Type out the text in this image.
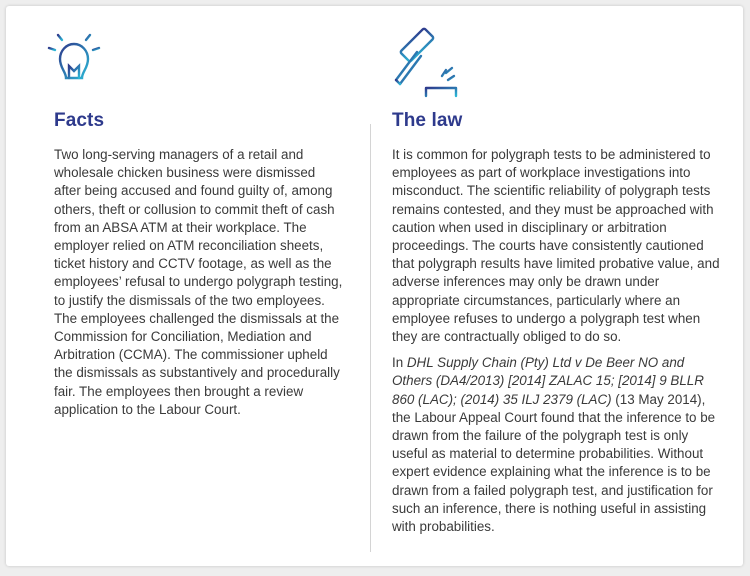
Facts

Two long-serving managers of a retail and wholesale chicken business were dismissed after being accused and found guilty of, among others, theft or collusion to commit theft of cash from an ABSA ATM at their workplace. The employer relied on ATM reconciliation sheets, ticket history and CCTV footage, as well as the employees’ refusal to undergo polygraph testing, to justify the dismissals of the two employees. The employees challenged the dismissals at the Commission for Conciliation, Mediation and Arbitration (CCMA). The commissioner upheld the dismissals as substantively and procedurally fair. The employees then brought a review application to the Labour Court.

The law

It is common for polygraph tests to be administered to employees as part of workplace investigations into misconduct. The scientific reliability of polygraph tests remains contested, and they must be approached with caution when used in disciplinary or arbitration proceedings. The courts have consistently cautioned that polygraph results have limited probative value, and adverse inferences may only be drawn under appropriate circumstances, particularly where an employee refuses to undergo a polygraph test when they are contractually obliged to do so.

In DHL Supply Chain (Pty) Ltd v De Beer NO and Others (DA4/2013) [2014] ZALAC 15; [2014] 9 BLLR 860 (LAC); (2014) 35 ILJ 2379 (LAC) (13 May 2014), the Labour Appeal Court found that the inference to be drawn from the failure of the polygraph test is only useful as material to determine probabilities. Without expert evidence explaining what the inference is to be drawn from a failed polygraph test, and justification for such an inference, there is nothing useful in assisting with probabilities.
